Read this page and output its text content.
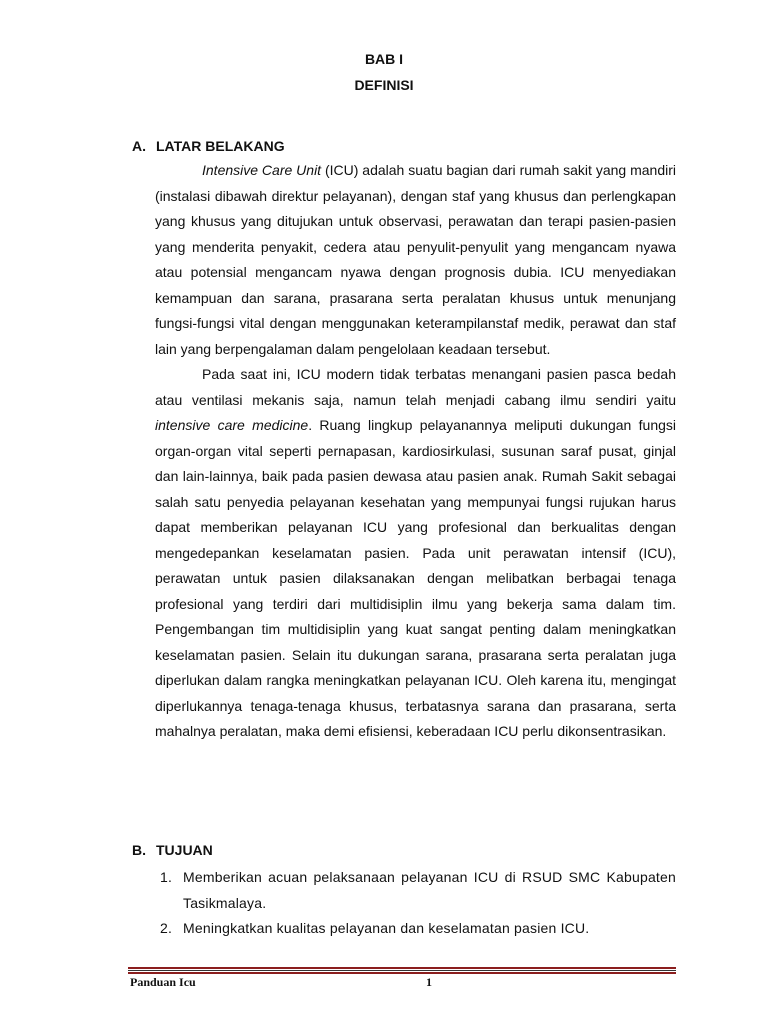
BAB I
DEFINISI
A. LATAR BELAKANG

Intensive Care Unit (ICU) adalah suatu bagian dari rumah sakit yang mandiri (instalasi dibawah direktur pelayanan), dengan staf yang khusus dan perlengkapan yang khusus yang ditujukan untuk observasi, perawatan dan terapi pasien-pasien yang menderita penyakit, cedera atau penyulit-penyulit yang mengancam nyawa atau potensial mengancam nyawa dengan prognosis dubia. ICU menyediakan kemampuan dan sarana, prasarana serta peralatan khusus untuk menunjang fungsi-fungsi vital dengan menggunakan keterampilanstaf medik, perawat dan staf lain yang berpengalaman dalam pengelolaan keadaan tersebut.

Pada saat ini, ICU modern tidak terbatas menangani pasien pasca bedah atau ventilasi mekanis saja, namun telah menjadi cabang ilmu sendiri yaitu intensive care medicine. Ruang lingkup pelayanannya meliputi dukungan fungsi organ-organ vital seperti pernapasan, kardiosirkulasi, susunan saraf pusat, ginjal dan lain-lainnya, baik pada pasien dewasa atau pasien anak. Rumah Sakit sebagai salah satu penyedia pelayanan kesehatan yang mempunyai fungsi rujukan harus dapat memberikan pelayanan ICU yang profesional dan berkualitas dengan mengedepankan keselamatan pasien. Pada unit perawatan intensif (ICU), perawatan untuk pasien dilaksanakan dengan melibatkan berbagai tenaga profesional yang terdiri dari multidisiplin ilmu yang bekerja sama dalam tim. Pengembangan tim multidisiplin yang kuat sangat penting dalam meningkatkan keselamatan pasien. Selain itu dukungan sarana, prasarana serta peralatan juga diperlukan dalam rangka meningkatkan pelayanan ICU. Oleh karena itu, mengingat diperlukannya tenaga-tenaga khusus, terbatasnya sarana dan prasarana, serta mahalnya peralatan, maka demi efisiensi, keberadaan ICU perlu dikonsentrasikan.

B. TUJUAN
1. Memberikan acuan pelaksanaan pelayanan ICU di RSUD SMC Kabupaten Tasikmalaya.
2. Meningkatkan kualitas pelayanan dan keselamatan pasien ICU.
Panduan Icu	1
